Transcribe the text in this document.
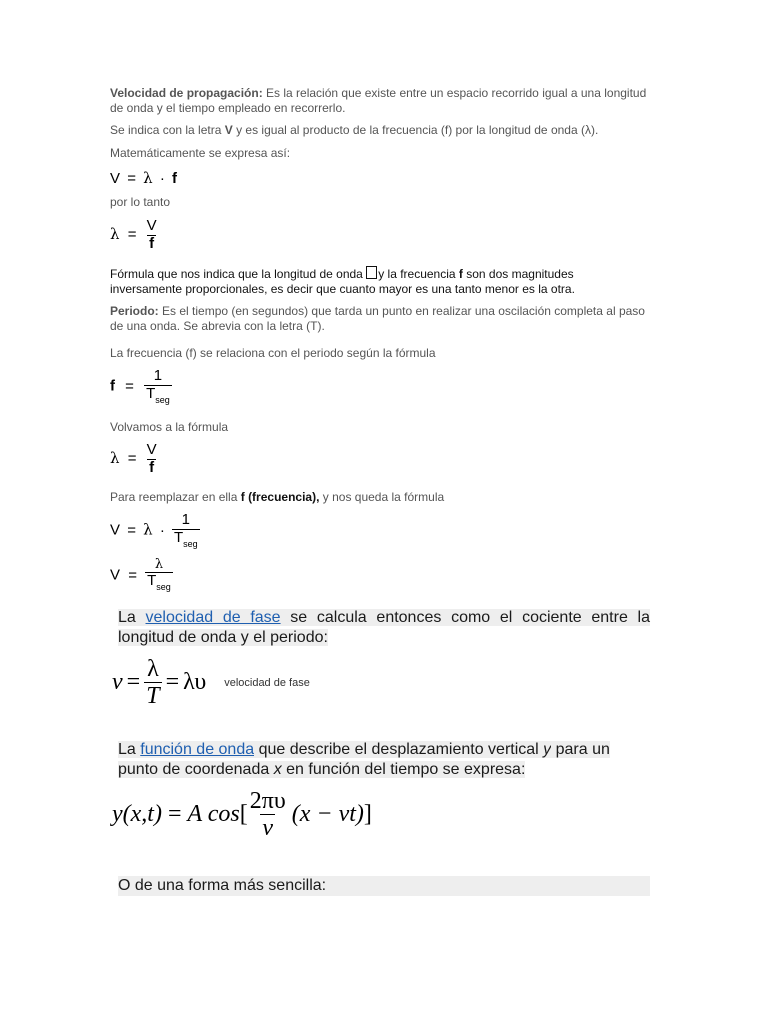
Velocidad de propagación: Es la relación que existe entre un espacio recorrido igual a una longitud de onda y el tiempo empleado en recorrerlo.
Se indica con la letra V y es igual al producto de la frecuencia (f) por la longitud de onda (λ).
Matemáticamente se expresa así:
V = λ · f
por lo tanto
$\lambda = \frac{V}{f}$
Fórmula que nos indica que la longitud de onda y la frecuencia f son dos magnitudes inversamente proporcionales, es decir que cuanto mayor es una tanto menor es la otra.
Periodo: Es el tiempo (en segundos) que tarda un punto en realizar una oscilación completa al paso de una onda. Se abrevia con la letra (T).
La frecuencia (f) se relaciona con el periodo según la fórmula
$f = \frac{1}{T_{seg}}$
Volvamos a la fórmula
$\lambda = \frac{V}{f}$
Para reemplazar en ella f (frecuencia), y nos queda la fórmula
$V = \lambda \cdot \frac{1}{T_{seg}}$
$V = \frac{\lambda}{T_{seg}}$
La velocidad de fase se calcula entonces como el cociente entre la longitud de onda y el periodo:
$v = \frac{\lambda}{T} = \lambda\upsilon$ velocidad de fase
La función de onda que describe el desplazamiento vertical y para un punto de coordenada x en función del tiempo se expresa:
y(x,t) = A cos [ $\frac{2\pi\upsilon}{v} (x - vt)$ ]
O de una forma más sencilla:
